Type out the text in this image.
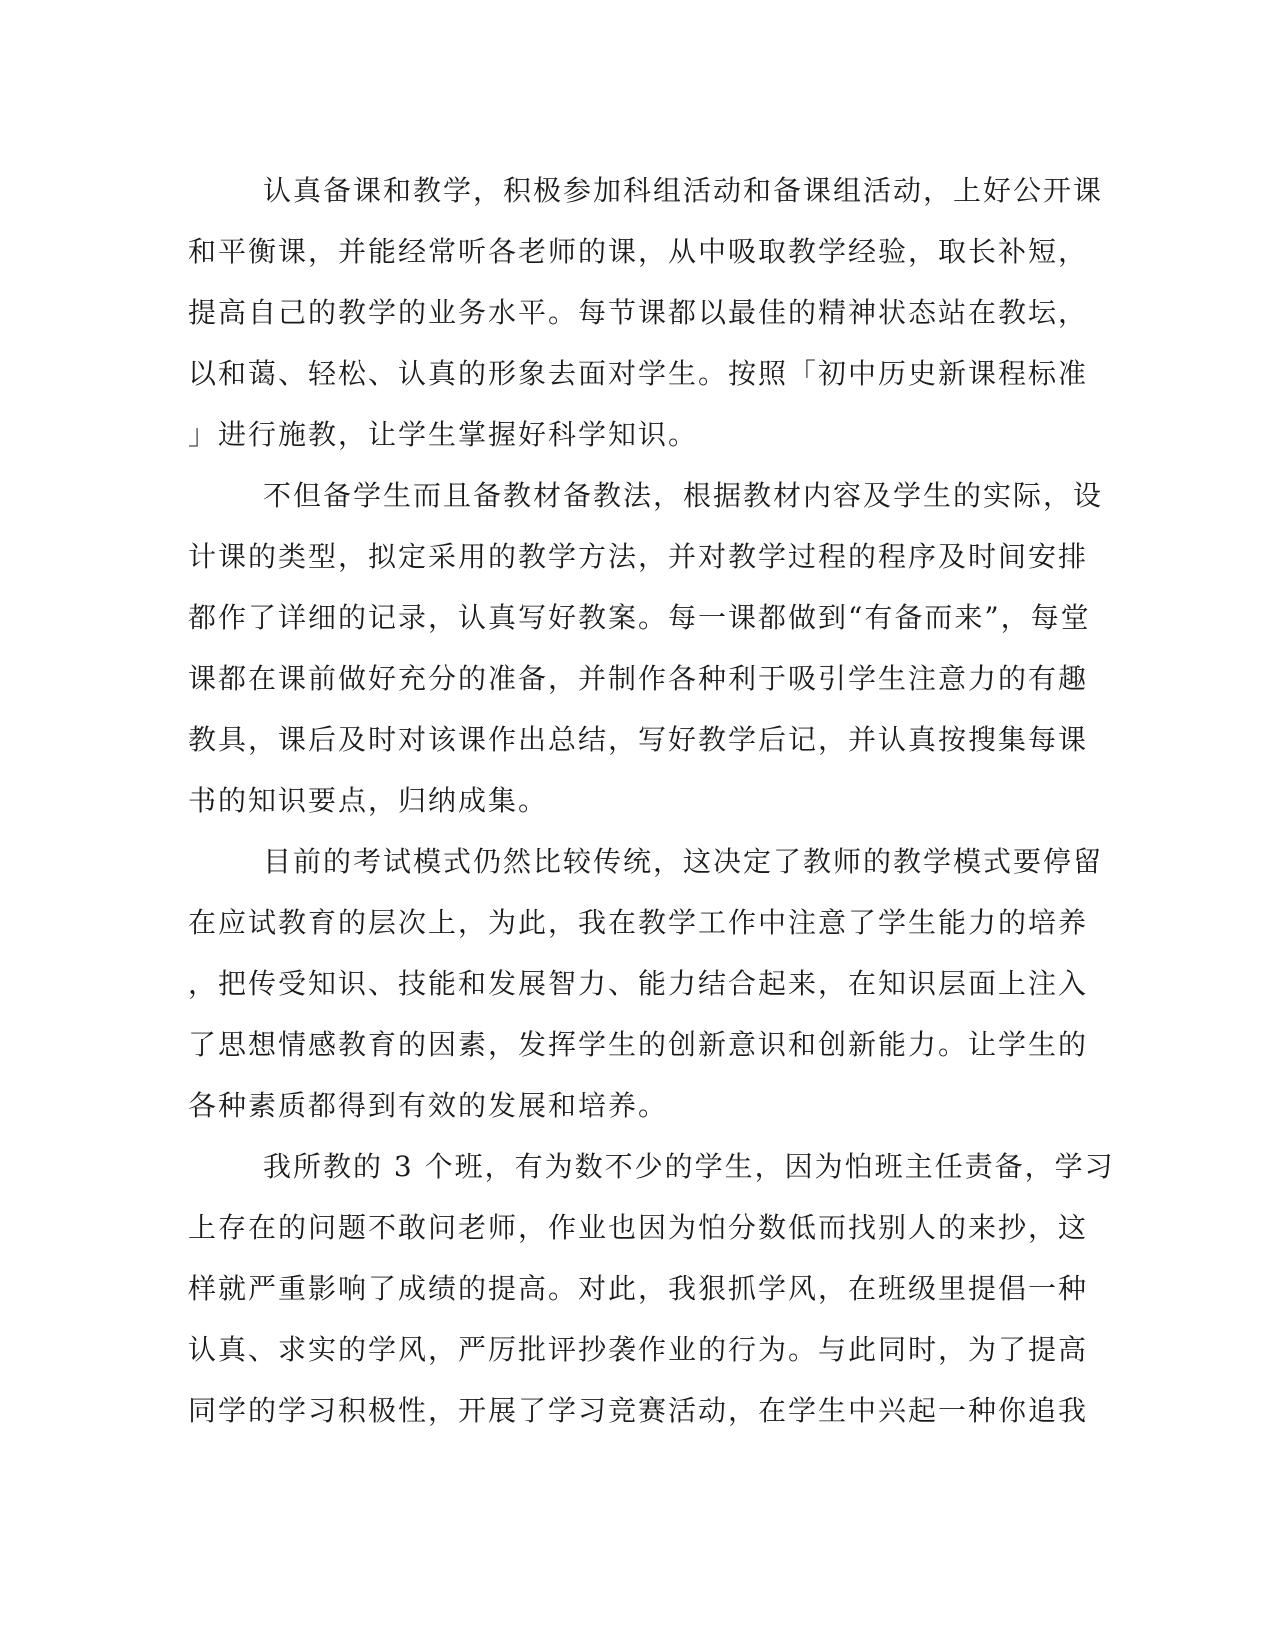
认真备课和教学，积极参加科组活动和备课组活动，上好公开课
和平衡课，并能经常听各老师的课，从中吸取教学经验，取长补短，
提高自己的教学的业务水平。每节课都以最佳的精神状态站在教坛，
以和蔼、轻松、认真的形象去面对学生。按照「初中历史新课程标准
」进行施教，让学生掌握好科学知识。
不但备学生而且备教材备教法，根据教材内容及学生的实际，设
计课的类型，拟定采用的教学方法，并对教学过程的程序及时间安排
都作了详细的记录，认真写好教案。每一课都做到“有备而来”，每堂
课都在课前做好充分的准备，并制作各种利于吸引学生注意力的有趣
教具，课后及时对该课作出总结，写好教学后记，并认真按搜集每课
书的知识要点，归纳成集。
目前的考试模式仍然比较传统，这决定了教师的教学模式要停留
在应试教育的层次上，为此，我在教学工作中注意了学生能力的培养
，把传受知识、技能和发展智力、能力结合起来，在知识层面上注入
了思想情感教育的因素，发挥学生的创新意识和创新能力。让学生的
各种素质都得到有效的发展和培养。
我所教的 3 个班，有为数不少的学生，因为怕班主任责备，学习
上存在的问题不敢问老师，作业也因为怕分数低而找别人的来抄，这
样就严重影响了成绩的提高。对此，我狠抓学风，在班级里提倡一种
认真、求实的学风，严厉批评抄袭作业的行为。与此同时，为了提高
同学的学习积极性，开展了学习竞赛活动，在学生中兴起一种你追我
